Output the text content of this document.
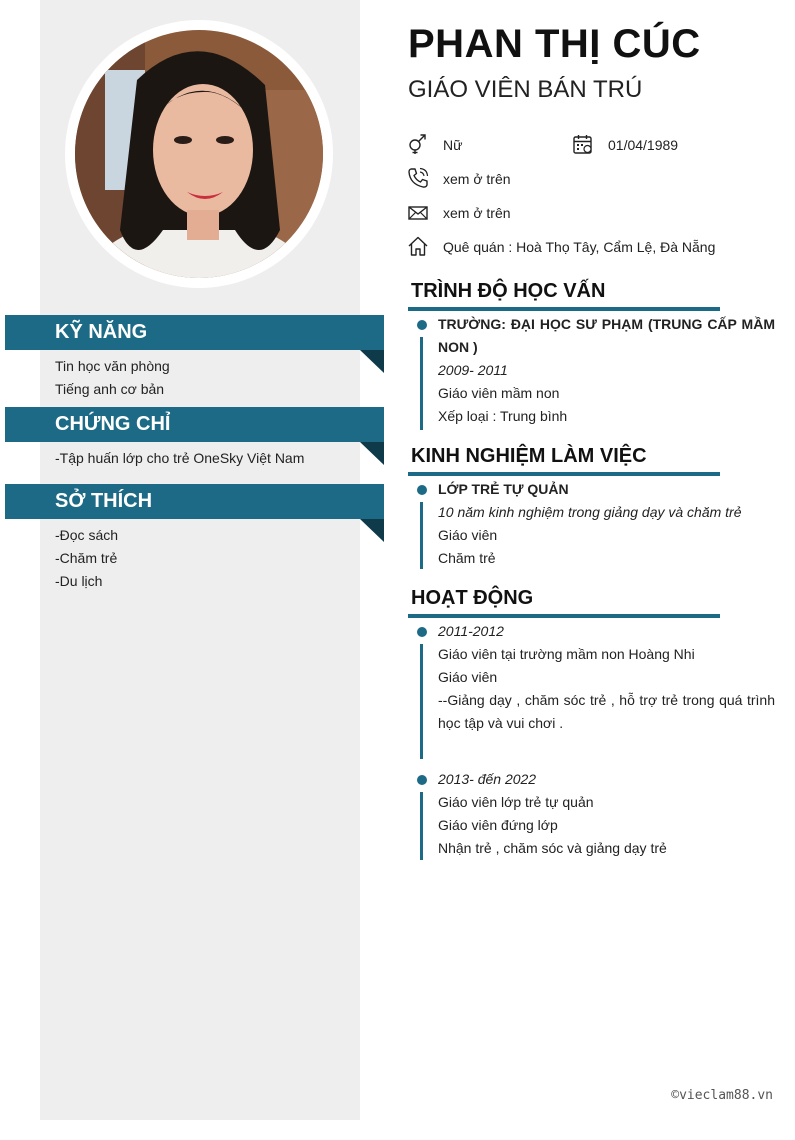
KỸ NĂNG
Tin học văn phòng
Tiếng anh cơ bản
CHỨNG CHỈ
-Tập huấn lớp cho trẻ OneSky Việt Nam
SỞ THÍCH
-Đọc sách
-Chăm trẻ
-Du lịch
PHAN THỊ CÚC
GIÁO VIÊN BÁN TRÚ
Nữ	01/04/1989
xem ở trên
xem ở trên
Quê quán : Hoà Thọ Tây, Cẩm Lệ, Đà Nẵng
TRÌNH ĐỘ HỌC VẤN
TRƯỜNG: ĐẠI HỌC SƯ PHẠM (TRUNG CẤP MẦM NON )
2009- 2011
Giáo viên mầm non
Xếp loại : Trung bình
KINH NGHIỆM LÀM VIỆC
LỚP TRẺ TỰ QUẢN
10 năm kinh nghiệm trong giảng dạy và chăm trẻ
Giáo viên
Chăm trẻ
HOẠT ĐỘNG
2011-2012
Giáo viên tại trường mầm non Hoàng Nhi
Giáo viên
--Giảng dạy , chăm sóc trẻ , hỗ trợ trẻ trong quá trình học tập và vui chơi .
2013- đến 2022
Giáo viên lớp trẻ tự quản
Giáo viên đứng lớp
Nhận trẻ , chăm sóc và giảng dạy trẻ
©vieclam88.vn
